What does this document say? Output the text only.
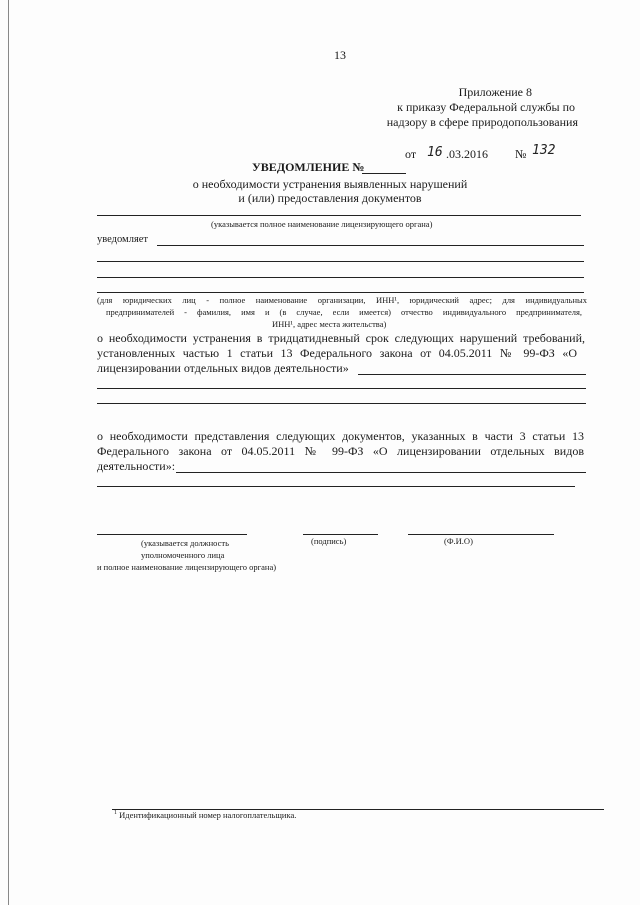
13
Приложение 8
к приказу Федеральной службы по
надзору в сфере природопользования
от 16 .03.2016 № 132
УВЕДОМЛЕНИЕ №
о необходимости устранения выявленных нарушений
и (или) предоставления документов
(указывается полное наименование лицензирующего органа)
уведомляет
(для юридических лиц - полное наименование организации, ИНН¹, юридический адрес; для индивидуальных
предпринимателей - фамилия, имя и (в случае, если имеется) отчество индивидуального предпринимателя,
ИНН¹, адрес места жительства)
о необходимости устранения в тридцатидневный срок следующих нарушений требований,
установленных частью 1 статьи 13 Федерального закона от 04.05.2011 № 99-ФЗ «О
лицензировании отдельных видов деятельности»
о необходимости представления следующих документов, указанных в части 3 статьи 13
Федерального закона от 04.05.2011 № 99-ФЗ «О лицензировании отдельных видов
деятельности»:
(указывается должность	(подпись)	(Ф.И.О)
уполномоченного лица
и полное наименование лицензирующего органа)
$^1$ Идентификационный номер налогоплательщика.
